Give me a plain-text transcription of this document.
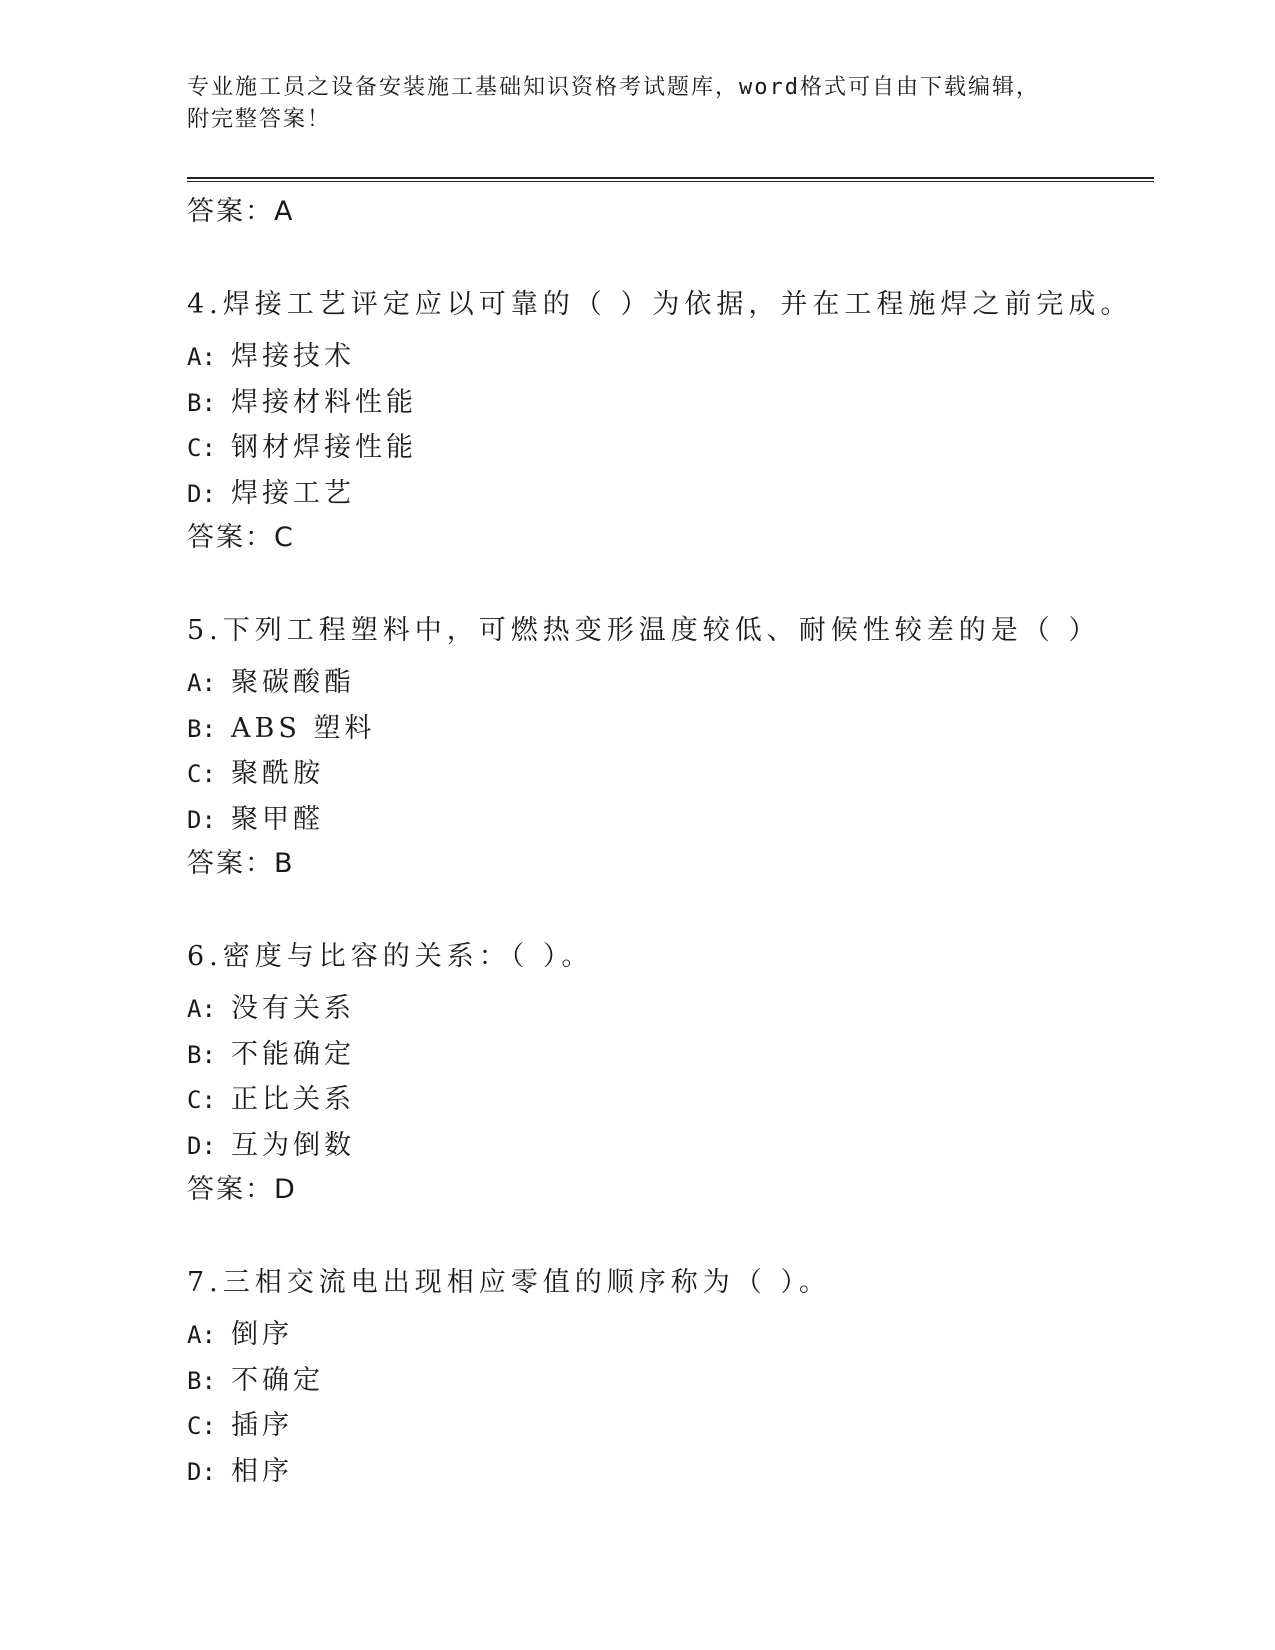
专业施工员之设备安装施工基础知识资格考试题库，word格式可自由下载编辑，
附完整答案！
答案：A
4.焊接工艺评定应以可靠的（ ）为依据，并在工程施焊之前完成。
A: 焊接技术
B: 焊接材料性能
C: 钢材焊接性能
D: 焊接工艺
答案：C
5.下列工程塑料中，可燃热变形温度较低、耐候性较差的是（ ）
A: 聚碳酸酯
B: ABS 塑料
C: 聚酰胺
D: 聚甲醛
答案：B
6.密度与比容的关系：（ ）。
A: 没有关系
B: 不能确定
C: 正比关系
D: 互为倒数
答案：D
7.三相交流电出现相应零值的顺序称为（ ）。
A: 倒序
B: 不确定
C: 插序
D: 相序
